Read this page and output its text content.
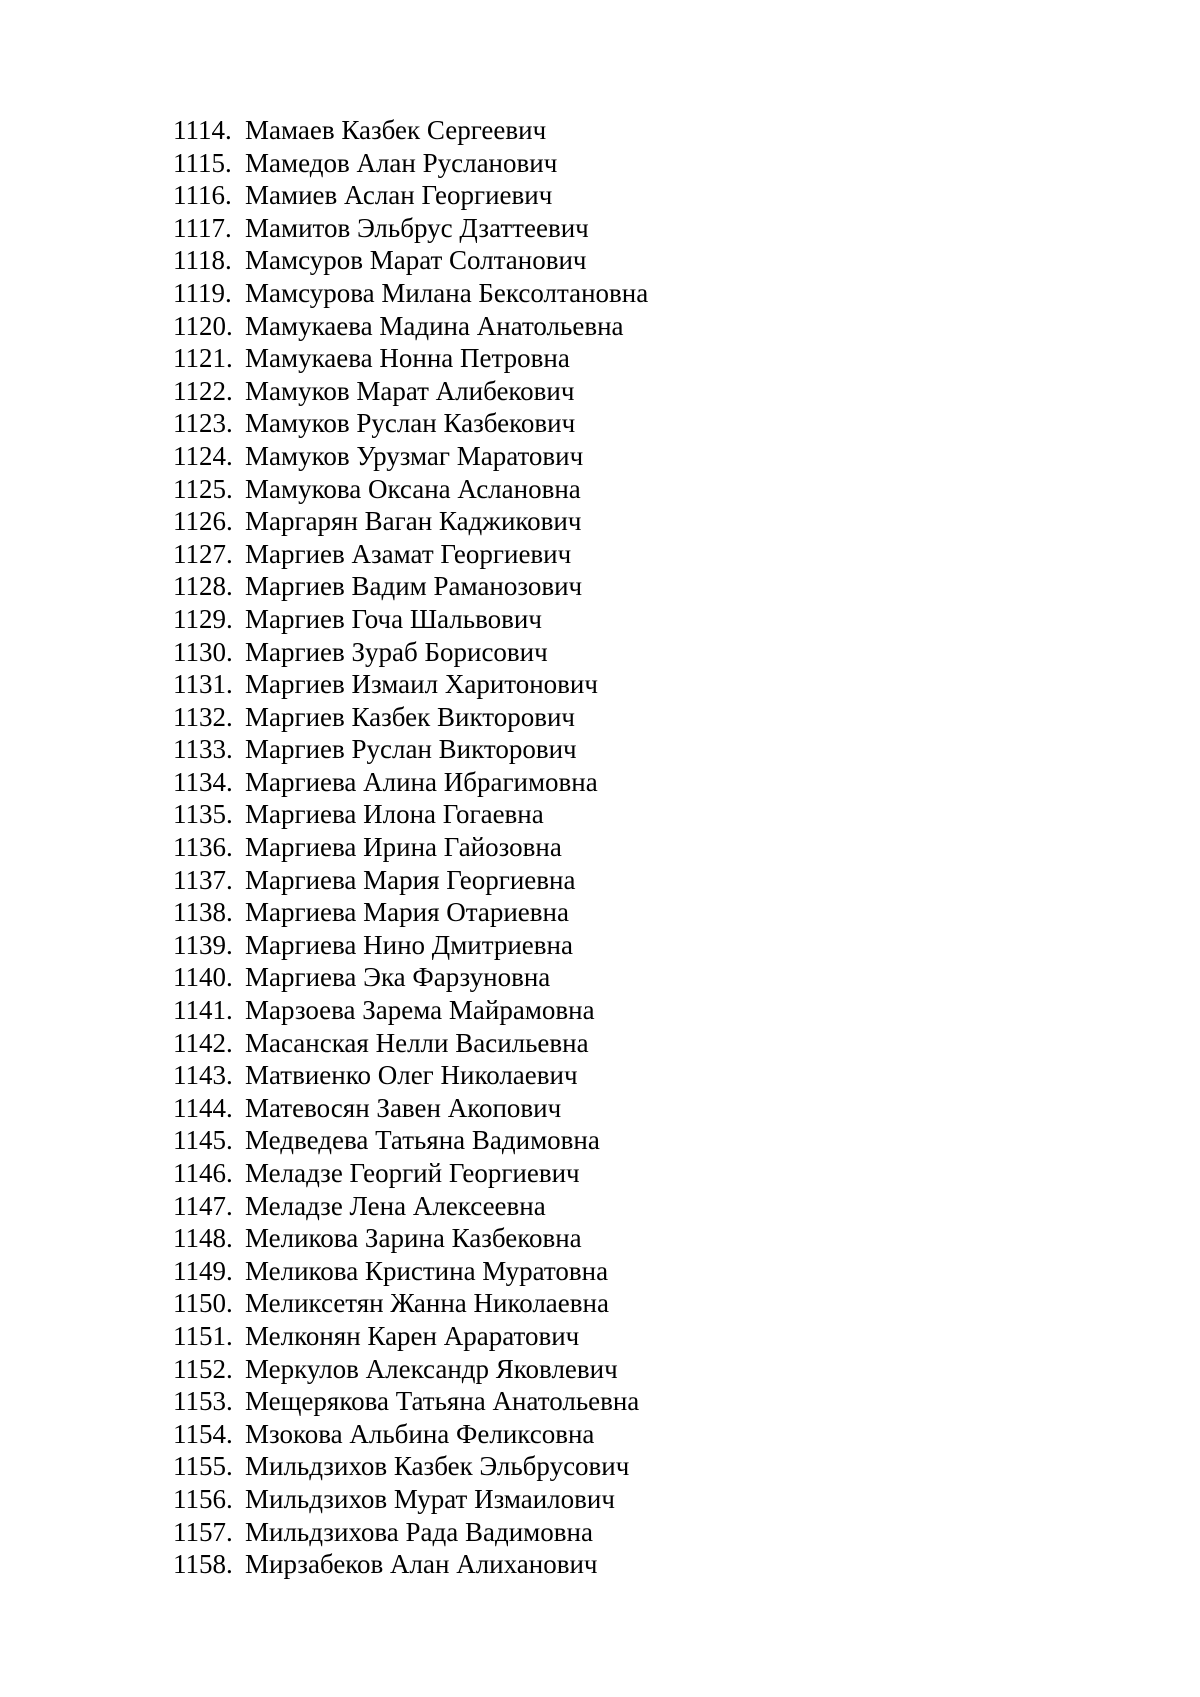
1114. Мамаев Казбек Сергеевич
1115. Мамедов Алан Русланович
1116. Мамиев Аслан Георгиевич
1117. Мамитов Эльбрус Дзаттеевич
1118. Мамсуров Марат Солтанович
1119. Мамсурова Милана Бексолтановна
1120. Мамукаева Мадина Анатольевна
1121. Мамукаева Нонна Петровна
1122. Мамуков Марат Алибекович
1123. Мамуков Руслан Казбекович
1124. Мамуков Урузмаг Маратович
1125. Мамукова Оксана Аслановна
1126. Маргарян Ваган Каджикович
1127. Маргиев Азамат Георгиевич
1128. Маргиев Вадим Раманозович
1129. Маргиев Гоча Шальвович
1130. Маргиев Зураб Борисович
1131. Маргиев Измаил Харитонович
1132. Маргиев Казбек Викторович
1133. Маргиев Руслан Викторович
1134. Маргиева Алина Ибрагимовна
1135. Маргиева Илона Гогаевна
1136. Маргиева Ирина Гайозовна
1137. Маргиева Мария Георгиевна
1138. Маргиева Мария Отариевна
1139. Маргиева Нино Дмитриевна
1140. Маргиева Эка Фарзуновна
1141. Марзоева Зарема Майрамовна
1142. Масанская Нелли Васильевна
1143. Матвиенко Олег Николаевич
1144. Матевосян Завен Акопович
1145. Медведева Татьяна Вадимовна
1146. Меладзе Георгий Георгиевич
1147. Меладзе Лена Алексеевна
1148. Меликова Зарина Казбековна
1149. Меликова Кристина Муратовна
1150. Меликсетян Жанна Николаевна
1151. Мелконян Карен Араратович
1152. Меркулов Александр Яковлевич
1153. Мещерякова Татьяна Анатольевна
1154. Мзокова Альбина Феликсовна
1155. Мильдзихов Казбек Эльбрусович
1156. Мильдзихов Мурат Измаилович
1157. Мильдзихова Рада Вадимовна
1158. Мирзабеков Алан Алиханович
